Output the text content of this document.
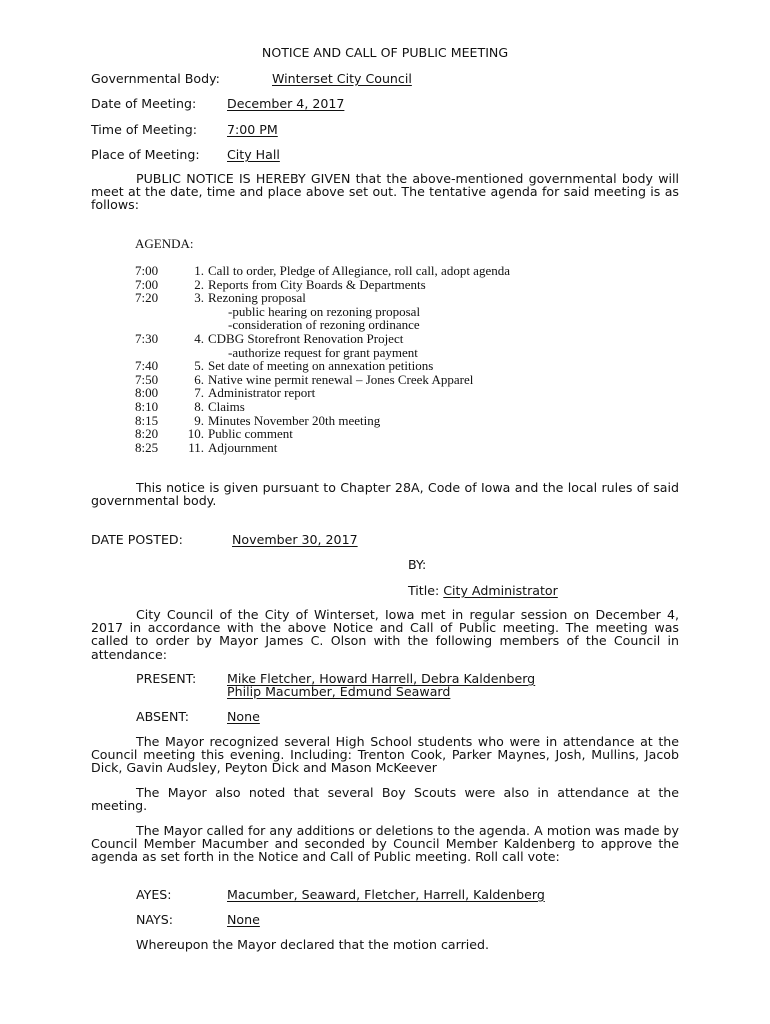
NOTICE AND CALL OF PUBLIC MEETING
Governmental Body:	Winterset City Council
Date of Meeting: December 4, 2017
Time of Meeting: 7:00 PM
Place of Meeting: City Hall
PUBLIC NOTICE IS HEREBY GIVEN that the above-mentioned governmental body will meet at the date, time and place above set out. The tentative agenda for said meeting is as follows:
AGENDA:
7:00	1. Call to order, Pledge of Allegiance, roll call, adopt agenda
7:00	2. Reports from City Boards & Departments
7:20	3. Rezoning proposal
-public hearing on rezoning proposal
-consideration of rezoning ordinance
7:30	4. CDBG Storefront Renovation Project
-authorize request for grant payment
7:40	5. Set date of meeting on annexation petitions
7:50	6. Native wine permit renewal – Jones Creek Apparel
8:00	7. Administrator report
8:10	8. Claims
8:15	9. Minutes November 20th meeting
8:20 10. Public comment
8:25 11. Adjournment
This notice is given pursuant to Chapter 28A, Code of Iowa and the local rules of said governmental body.
DATE POSTED:	November 30, 2017
BY:
Title: City Administrator
City Council of the City of Winterset, Iowa met in regular session on December 4, 2017 in accordance with the above Notice and Call of Public meeting. The meeting was called to order by Mayor James C. Olson with the following members of the Council in attendance:
PRESENT: Mike Fletcher, Howard Harrell, Debra Kaldenberg
Philip Macumber, Edmund Seaward
ABSENT:	None
The Mayor recognized several High School students who were in attendance at the Council meeting this evening. Including: Trenton Cook, Parker Maynes, Josh, Mullins, Jacob Dick, Gavin Audsley, Peyton Dick and Mason McKeever
The Mayor also noted that several Boy Scouts were also in attendance at the meeting.
The Mayor called for any additions or deletions to the agenda. A motion was made by Council Member Macumber and seconded by Council Member Kaldenberg to approve the agenda as set forth in the Notice and Call of Public meeting. Roll call vote:
AYES:	Macumber, Seaward, Fletcher, Harrell, Kaldenberg
NAYS:	None
Whereupon the Mayor declared that the motion carried.
